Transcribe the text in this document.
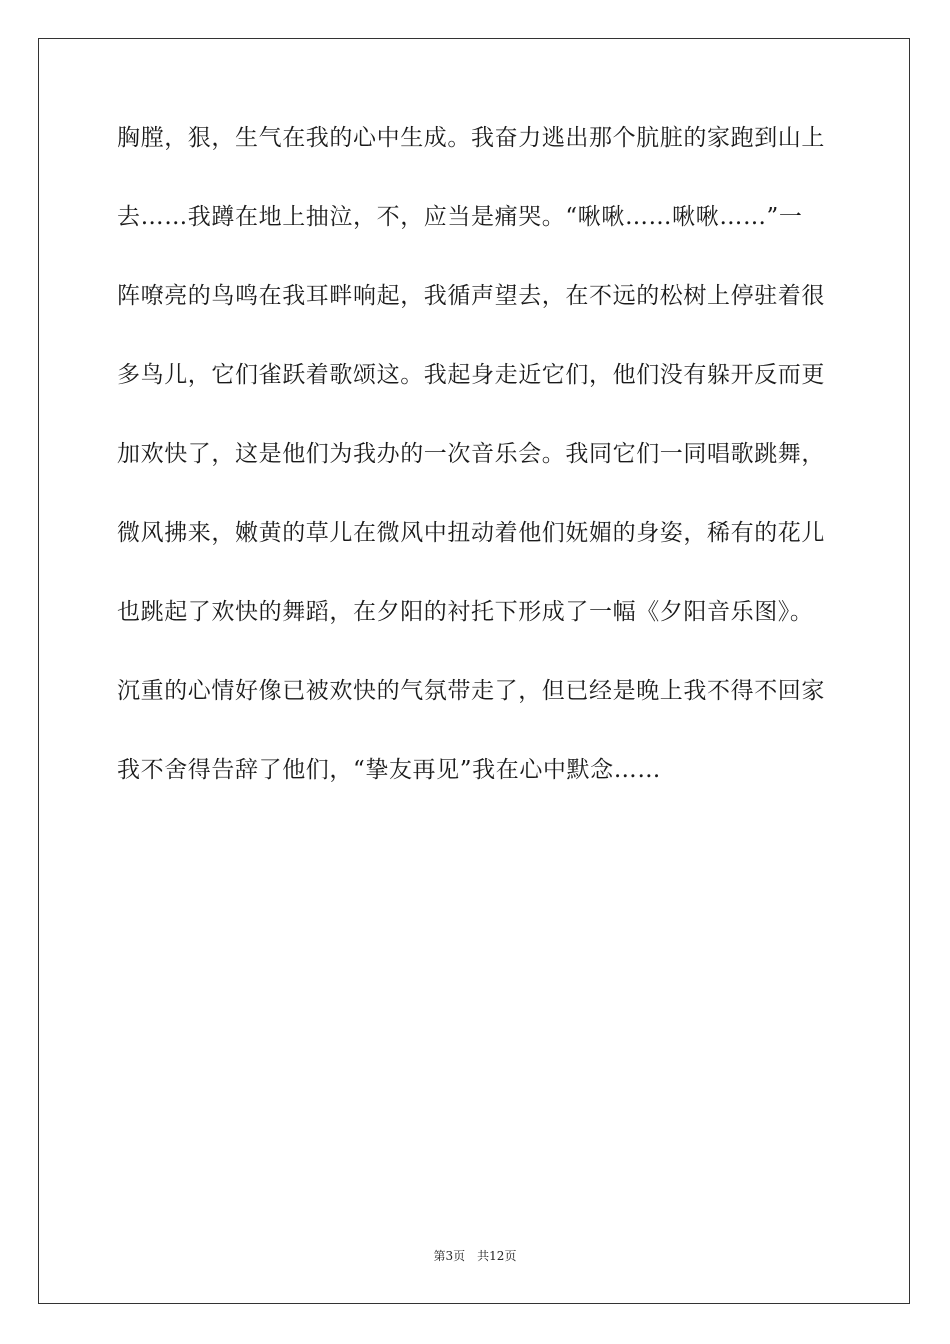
胸膛，狠，生气在我的心中生成。我奋力逃出那个肮脏的家跑到山上
去……我蹲在地上抽泣，不，应当是痛哭。“啾啾……啾啾……”一
阵嘹亮的鸟鸣在我耳畔响起，我循声望去，在不远的松树上停驻着很
多鸟儿，它们雀跃着歌颂这。我起身走近它们，他们没有躲开反而更
加欢快了，这是他们为我办的一次音乐会。我同它们一同唱歌跳舞，
微风拂来，嫩黄的草儿在微风中扭动着他们妩媚的身姿，稀有的花儿
也跳起了欢快的舞蹈，在夕阳的衬托下形成了一幅《夕阳音乐图》。
沉重的心情好像已被欢快的气氛带走了，但已经是晚上我不得不回家
我不舍得告辞了他们，“挚友再见”我在心中默念……
第3页 共12页
